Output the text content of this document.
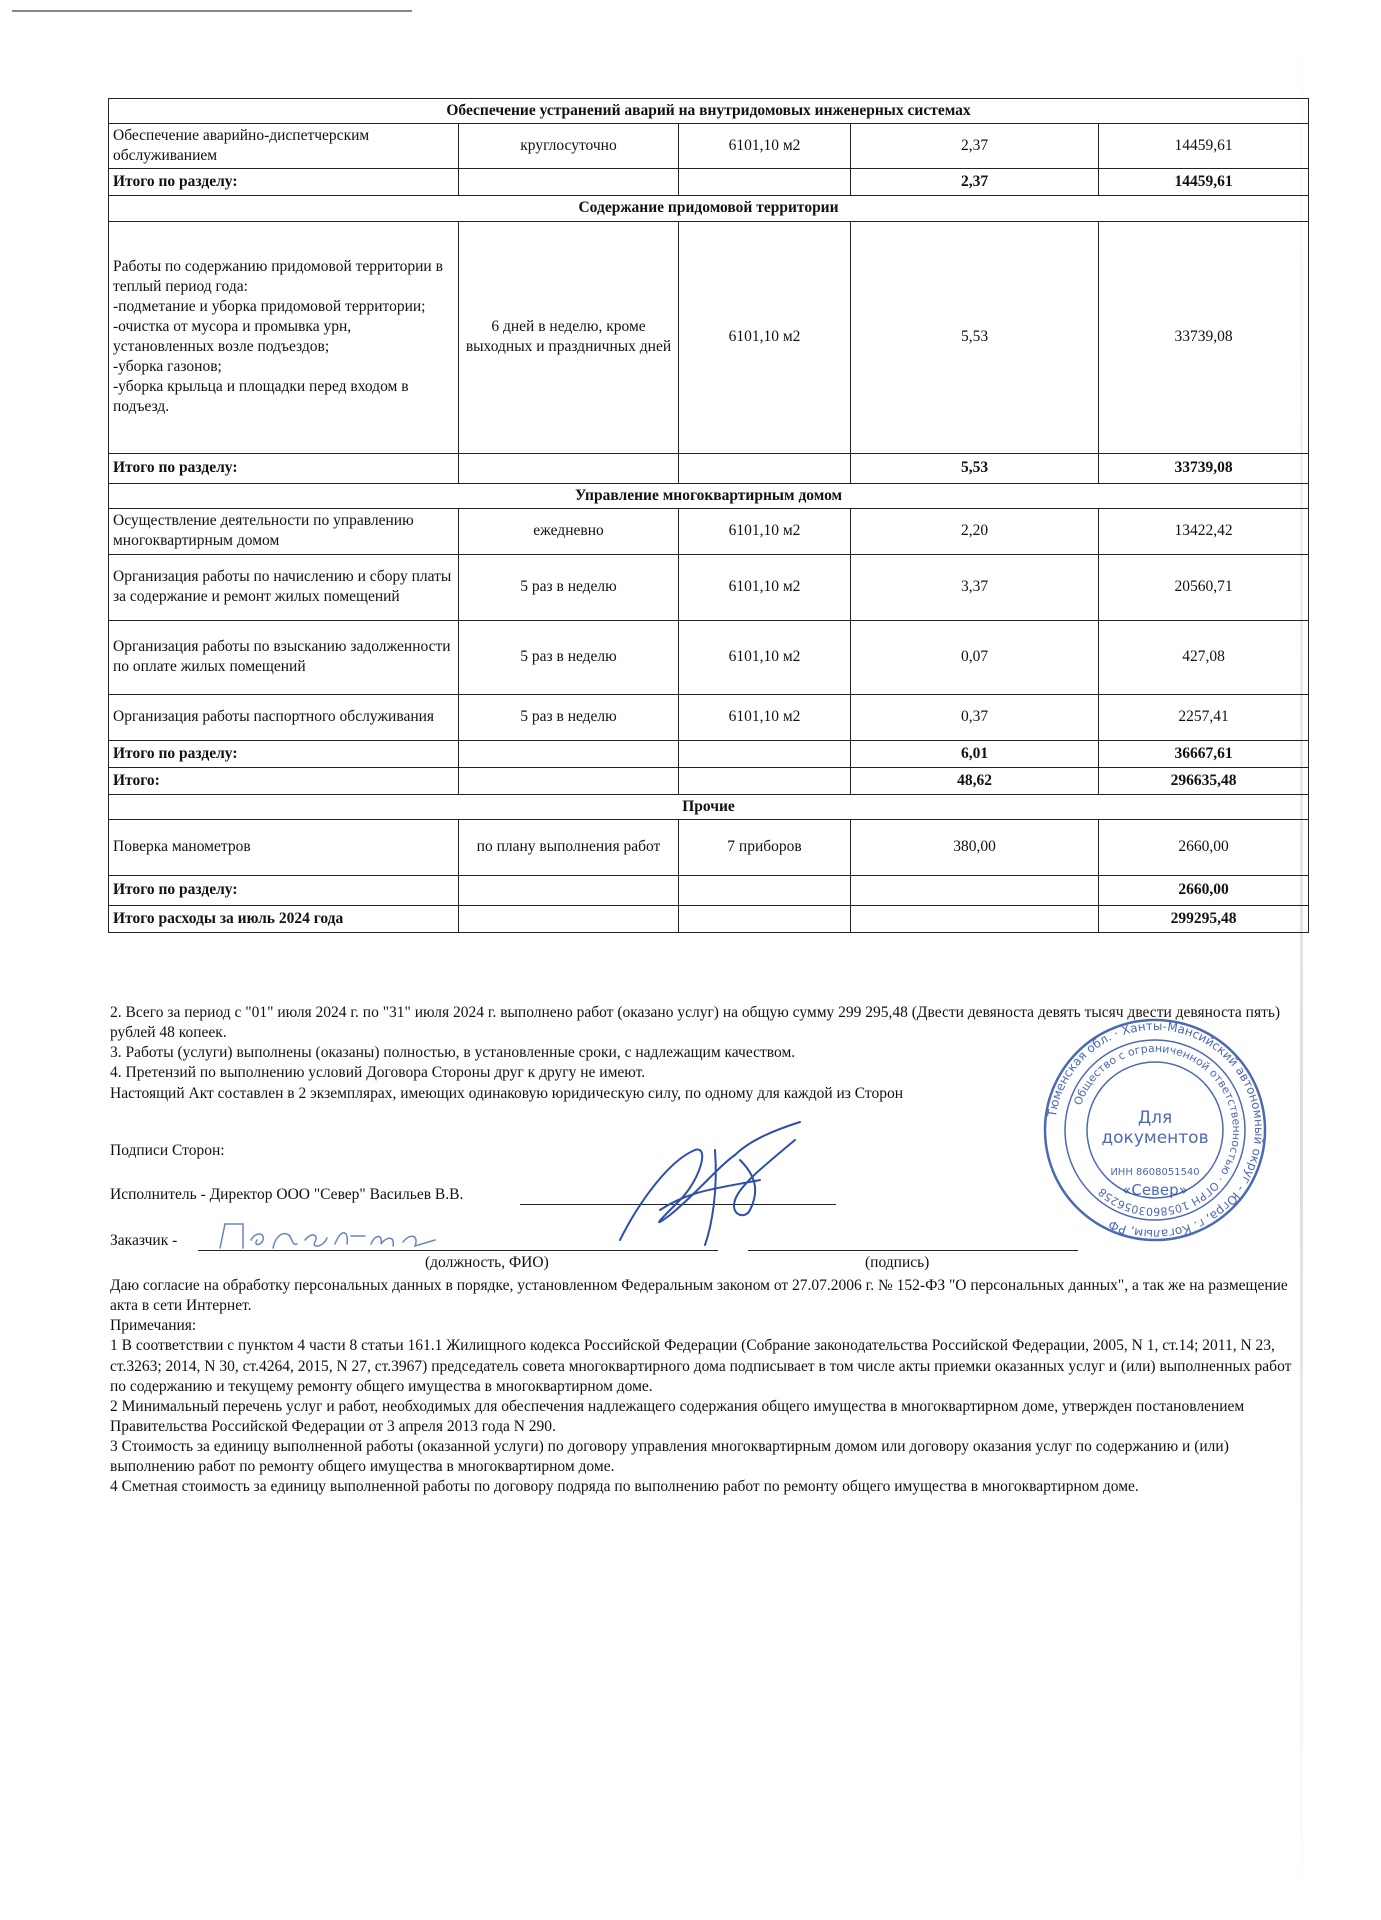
Обеспечение устранений аварий на внутридомовых инженерных системах				
Обеспечение аварийно-диспетчерским обслуживанием	круглосуточно	6101,10 м2	2,37	14459,61
Итого по разделу:			2,37	14459,61
Содержание придомовой территории				
Работы по содержанию придомовой территории в теплый период года:
-подметание и уборка придомовой территории;
-очистка от мусора и промывка урн, установленных возле подъездов;
-уборка газонов;
-уборка крыльца и площадки перед входом в подъезд.	6 дней в неделю, кроме выходных и праздничных дней	6101,10 м2	5,53	33739,08
Итого по разделу:			5,53	33739,08
Управление многоквартирным домом				
Осуществление деятельности по управлению многоквартирным домом	ежедневно	6101,10 м2	2,20	13422,42
Организация работы по начислению и сбору платы за содержание и ремонт жилых помещений	5 раз в неделю	6101,10 м2	3,37	20560,71
Организация работы по взысканию задолженности по оплате жилых помещений	5 раз в неделю	6101,10 м2	0,07	427,08
Организация работы паспортного обслуживания	5 раз в неделю	6101,10 м2	0,37	2257,41
Итого по разделу:			6,01	36667,61
Итого:			48,62	296635,48
Прочие				
Поверка манометров	по плану выполнения работ	7 приборов	380,00	2660,00
Итого по разделу:				2660,00
Итого расходы за июль 2024 года				299295,48

2. Всего за период с "01" июля 2024 г. по "31" июля 2024 г. выполнено работ (оказано услуг) на общую сумму 299 295,48 (Двести девяноста девять тысяч двести девяноста пять) рублей 48 копеек.

3. Работы (услуги) выполнены (оказаны) полностью, в установленные сроки, с надлежащим качеством.

4. Претензий по выполнению условий Договора Стороны друг к другу не имеют.

Настоящий Акт составлен в 2 экземплярах, имеющих одинаковую юридическую силу, по одному для каждой из Сторон

Подписи Сторон:
Исполнитель - Директор ООО "Север" Васильев В.В.
Заказчик -
(должность, ФИО)	(подпись)

Даю согласие на обработку персональных данных в порядке, установленном Федеральным законом от 27.07.2006 г. № 152-ФЗ "О персональных данных", а так же на размещение акта в сети Интернет.

Примечания:

1 В соответствии с пунктом 4 части 8 статьи 161.1 Жилищного кодекса Российской Федерации (Собрание законодательства Российской Федерации, 2005, N 1, ст.14; 2011, N 23, ст.3263; 2014, N 30, ст.4264, 2015, N 27, ст.3967) председатель совета многоквартирного дома подписывает в том числе акты приемки оказанных услуг и (или) выполненных работ по содержанию и текущему ремонту общего имущества в многоквартирном доме.

2 Минимальный перечень услуг и работ, необходимых для обеспечения надлежащего содержания общего имущества в многоквартирном доме, утвержден постановлением Правительства Российской Федерации от 3 апреля 2013 года N 290.

3 Стоимость за единицу выполненной работы (оказанной услуги) по договору управления многоквартирным домом или договору оказания услуг по содержанию и (или) выполнению работ по ремонту общего имущества в многоквартирном доме.

4 Сметная стоимость за единицу выполненной работы по договору подряда по выполнению работ по ремонту общего имущества в многоквартирном доме.

Тюменская обл. · Ханты-Мансийский автономный округ - Югра, г. Когалым, РФ
Общество с ограниченной ответственностью · ОГРН 1058603056258
Для
документов
«Север»
ИНН 8608051540
